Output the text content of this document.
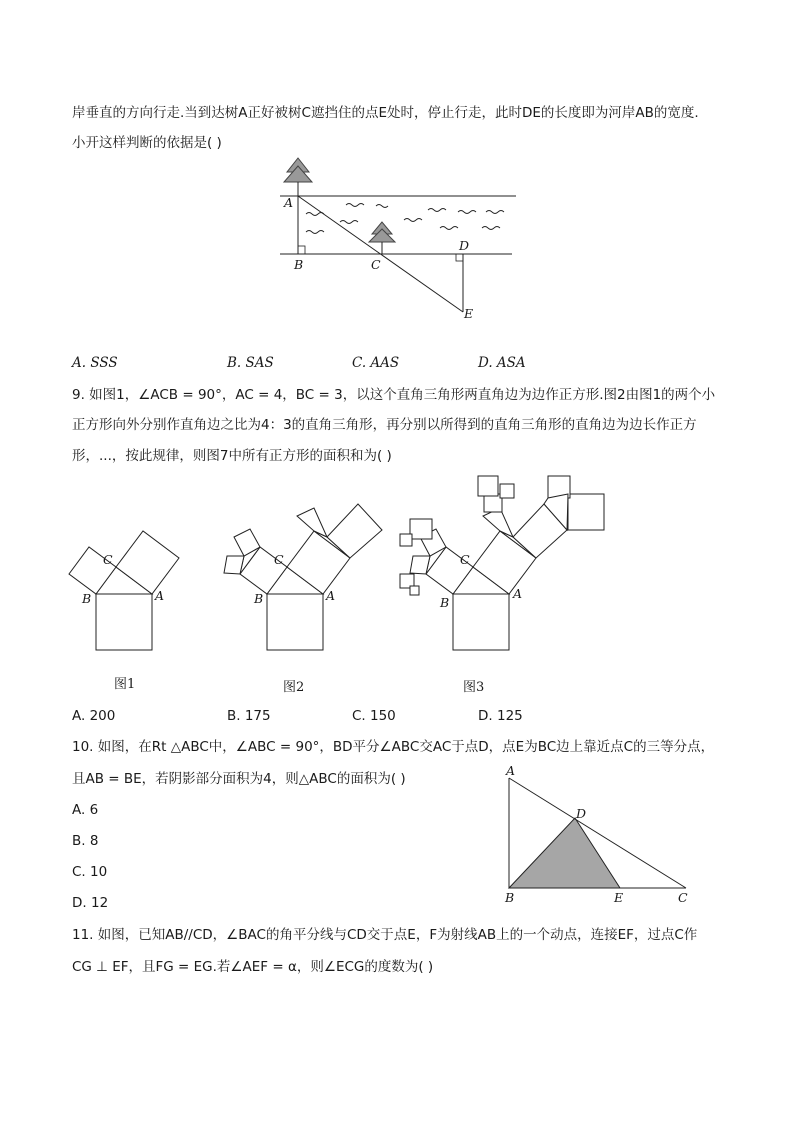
岸垂直的方向行走.当到达树A正好被树C遮挡住的点E处时，停止行走，此时DE的长度即为河岸AB的宽度.
小开这样判断的依据是( )
A
B	C
D
E
A. SSS	B. SAS	C. AAS	D. ASA
9. 如图1，∠ACB = 90°，AC = 4，BC = 3，以这个直角三角形两直角边为边作正方形.图2由图1的两个小
正方形向外分别作直角边之比为4：3的直角三角形，再分别以所得到的直角三角形的直角边为边长作正方
形，...，按此规律，则图7中所有正方形的面积和为( )
C
B	A
C
B	A
C
B
A
图1	图2	图3
A. 200	B. 175	C. 150	D. 125
10. 如图，在Rt △ABC中，∠ABC = 90°，BD平分∠ABC交AC于点D，点E为BC边上靠近点C的三等分点，
且AB = BE，若阴影部分面积为4，则△ABC的面积为( )
A. 6
B. 8
C. 10
D. 12
A
B	C
D
E
11. 如图，已知AB//CD，∠BAC的角平分线与CD交于点E，F为射线AB上的一个动点，连接EF，过点C作
CG ⊥ EF，且FG = EG.若∠AEF = α，则∠ECG的度数为( )
